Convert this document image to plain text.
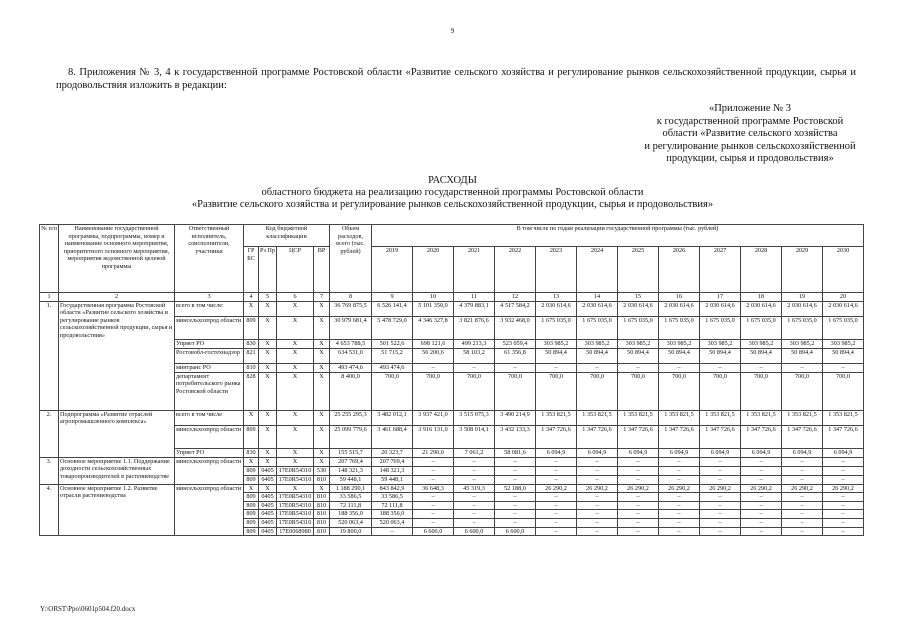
9
8. Приложения № 3, 4 к государственной программе Ростовской области «Развитие сельского хозяйства и регулирование рынков сельскохозяйственной продукции, сырья и продовольствия изложить в редакции:
«Приложение № 3
к государственной программе Ростовской
области «Развитие сельского хозяйства
и регулирование рынков сельскохозяйственной
продукции, сырья и продовольствия»
РАСХОДЫ
областного бюджета на реализацию государственной программы Ростовской области
«Развитие сельского хозяйства и регулирование рынков сельскохозяйственной продукции, сырья и продовольствия»
№ п/п	Наименование государственной программы, подпрограммы, номер и наименование основного мероприятия, приоритетного основного мероприятия, мероприятия ведомственной целевой программы	Ответственный исполнитель, соисполнители, участники	Код бюджетной классификации				Объем расходов, всего (тыс. рублей)	В том числе по годам реализации государственной программы (тыс. рублей)											
			ГР БС	Рз Пр	ЦСР	ВР		2019	2020	2021	2022	2023	2024	2025	2026	2027	2028	2029	2030
1	2	3	4	5	6	7	8	9	10	11	12	13	14	15	16	17	18	19	20
1.	Государственная программа Ростовской области «Развитие сельского хозяйства и регулирование рынков сельскохозяйственной продукции, сырья и продовольствия»	всего в том числе:	X	X	X	X	36 769 875,5	6 526 141,4	5 101 350,0	4 379 883,1	4 517 584,2	2 030 614,6	2 030 614,6	2 030 614,6	2 030 614,6	2 030 614,6	2 030 614,6	2 030 614,6	2 030 614,6
		минсельхозпрод области	809	X	X	X	30 979 681,4	5 478 729,0	4 346 327,8	3 821 876,6	3 932 468,0	1 675 035,0	1 675 035,0	1 675 035,0	1 675 035,0	1 675 035,0	1 675 035,0	1 675 035,0	1 675 035,0
		Упрвет РО	830	X	X	X	4 653 788,5	501 522,6	698 121,6	499 213,3	523 059,4	303 985,2	303 985,2	303 985,2	303 985,2	303 985,2	303 985,2	303 985,2	303 985,2
		Ростовобл-гостехнадзор	821	X	X	X	634 531,0	51 715,2	56 200,6	58 103,2	61 356,8	50 894,4	50 894,4	50 894,4	50 894,4	50 894,4	50 894,4	50 894,4	50 894,4
		минтранс РО	810	X	X	X	493 474,6	493 474,6	–	–	–	–	–	–	–	–	–	–	–
		департамент потребительского рынка Ростовской области	828	X	X	X	8 400,0	700,0	700,0	700,0	700,0	700,0	700,0	700,0	700,0	700,0	700,0	700,0	700,0
2.	Подпрограмма «Развитие отраслей агропромышленного комплекса»	всего в том числе	X	X	X	X	25 255 295,3	3 482 012,1	3 937 421,0	3 515 075,3	3 490 214,9	1 353 821,5	1 353 821,5	1 353 821,5	1 353 821,5	1 353 821,5	1 353 821,5	1 353 821,5	1 353 821,5
		минсельхозпрод области	809	X	X	X	25 099 779,6	3 461 688,4	3 916 131,0	3 508 014,1	3 432 133,3	1 347 726,6	1 347 726,6	1 347 726,6	1 347 726,6	1 347 726,6	1 347 726,6	1 347 726,6	1 347 726,6
		Упрвет РО	830	X	X	X	155 515,7	20 323,7	21 290,0	7 061,2	58 081,6	6 094,9	6 094,9	6 094,9	6 094,9	6 094,9	6 094,9	6 094,9	6 094,9
3.	Основное мероприятие 1.1. Поддержание доходности сельскохозяйственных товаропроизводителей в растениеводстве	минсельхозпрод области	X	X	X	X	207 769,4	207 769,4	–	–	–	–	–	–	–	–	–	–	–
			809	0405	17Е0R54310	530	148 321,3	148 321,3	–	–	–	–	–	–	–	–	–	–	–
			809	0405	17Е0R54310	810	59 448,1	59 448,1	–	–	–	–	–	–	–	–	–	–	–
4.	Основное мероприятие 1.2. Развитие отрасли растениеводства	минсельхозпрод области	X	X	X	X	1 188 290,1	843 842,9	36 648,3	45 319,3	52 188,0	26 290,2	26 290,2	26 290,2	26 290,2	26 290,2	26 290,2	26 290,2	26 290,2
			809	0405	17Е0R54310	810	33 586,5	33 586,5	–	–	–	–	–	–	–	–	–	–	–
			809	0405	17Е0R54310	810	72 111,8	72 111,8	–	–	–	–	–	–	–	–	–	–	–
			809	0405	17Е0R54310	810	188 356,0	188 356,0	–	–	–	–	–	–	–	–	–	–	–
			809	0405	17Е0R54310	810	520 063,4	520 063,4	–	–	–	–	–	–	–	–	–	–	–
			809	0405	17Е0068980	810	19 800,0	–	6 600,0	6 600,0	6 600,0	–	–	–	–	–	–	–	–
Y:\ORST\Ppo\0601p504.f20.docx
